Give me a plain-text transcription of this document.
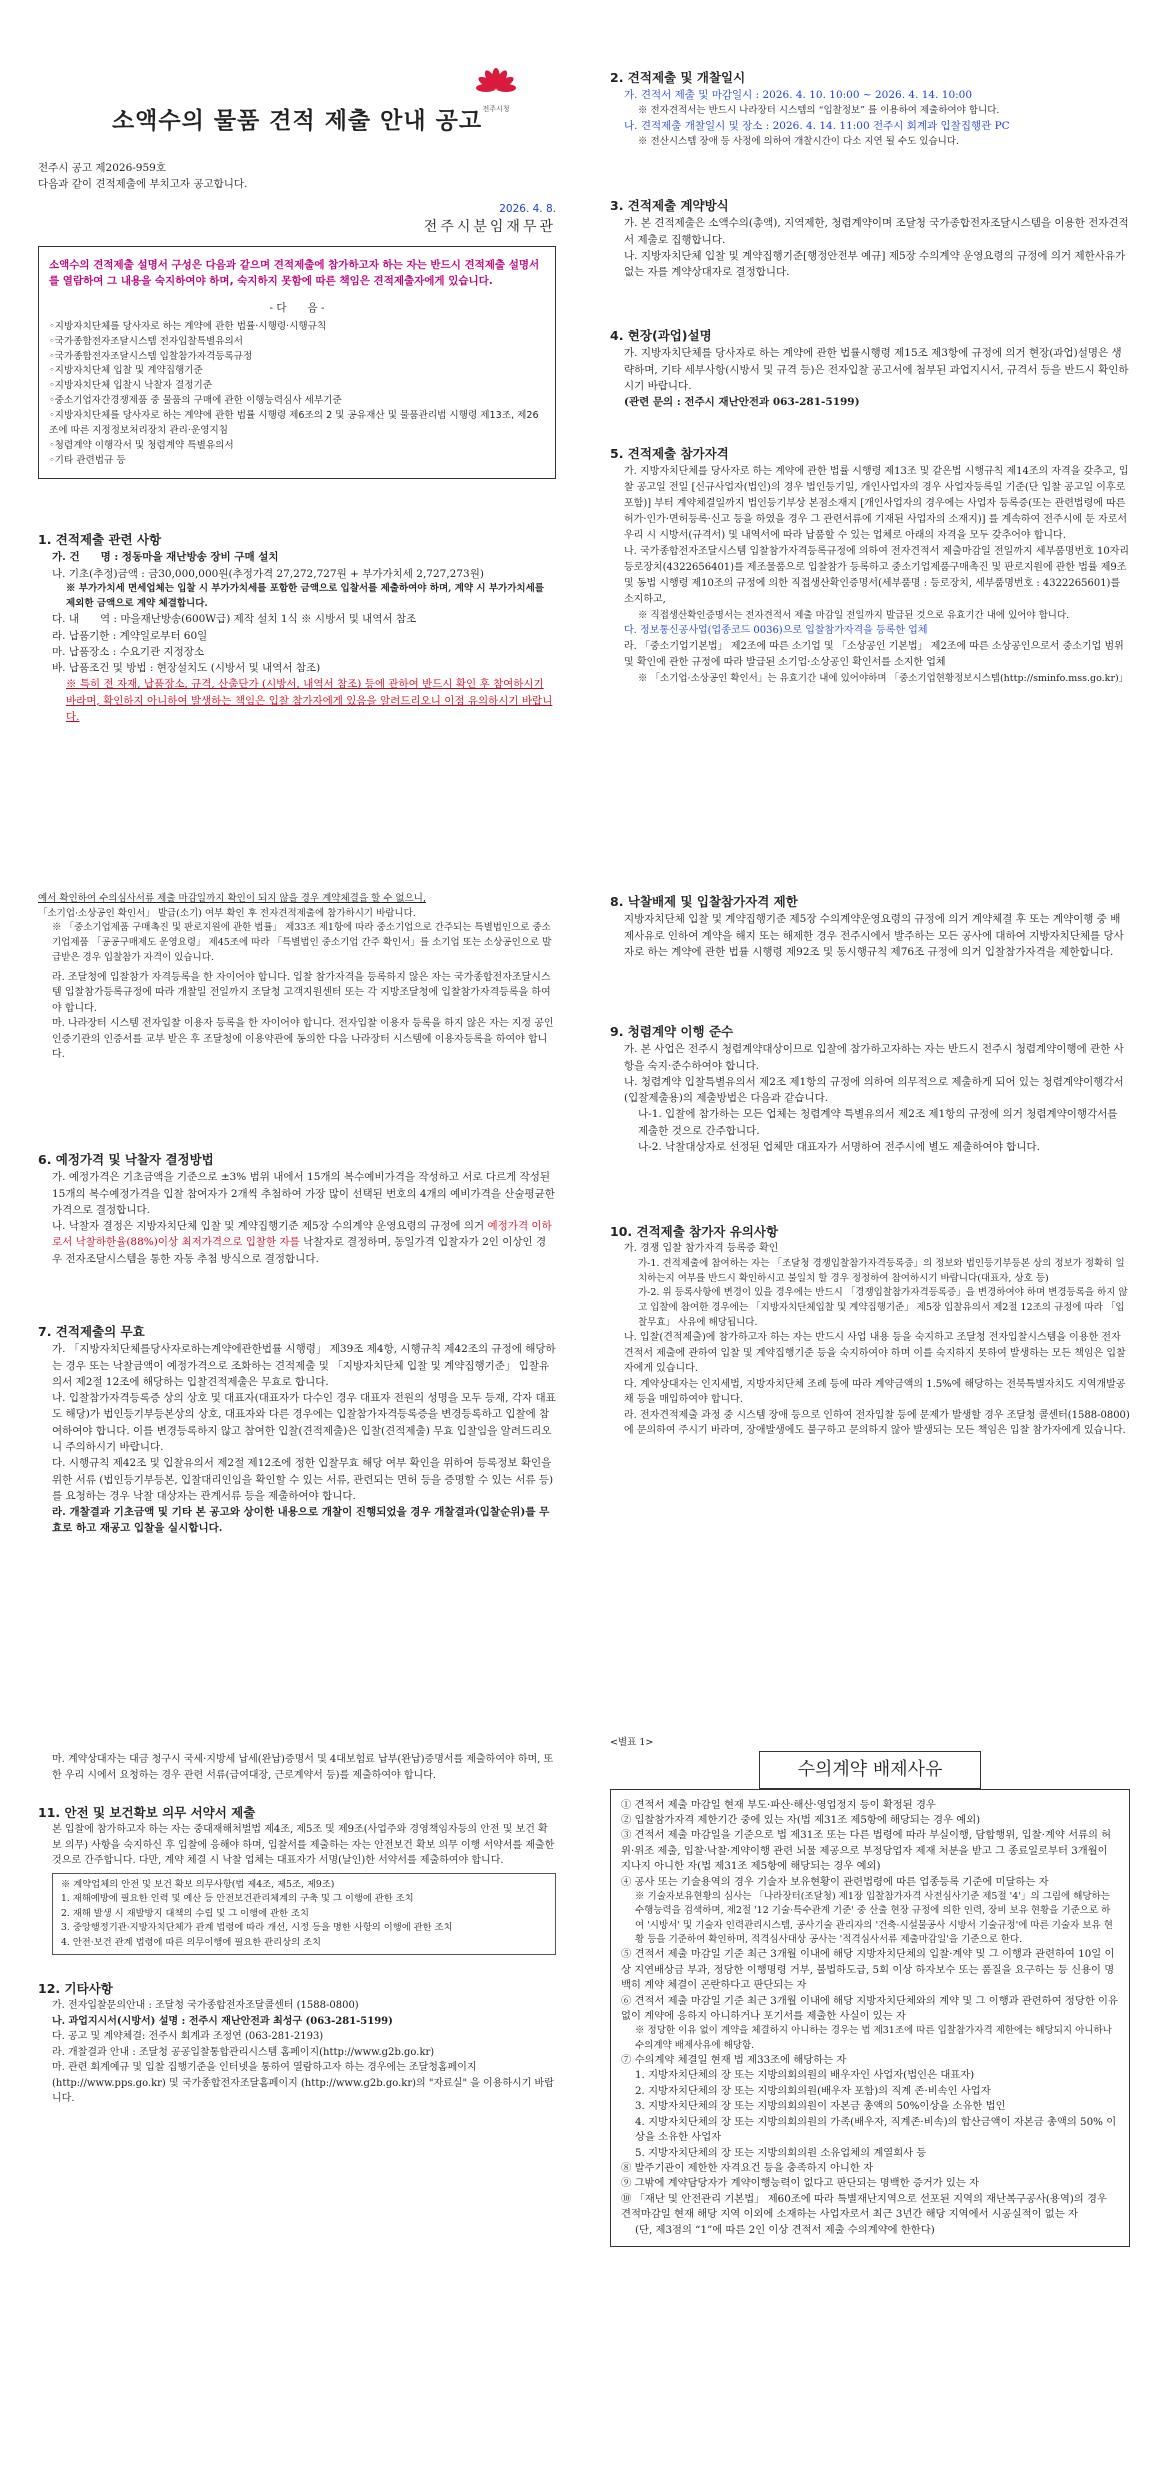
소액수의 물품 견적 제출 안내 공고 전주시청

전주시 공고 제2026-959호

다음과 같이 견적제출에 부치고자 공고합니다.

2026. 4. 8.

전주시분임재무관

소액수의 견적제출 설명서 구성은 다음과 같으며 견적제출에 참가하고자 하는 자는 반드시 견적제출 설명서를 열람하여 그 내용을 숙지하여야 하며, 숙지하지 못함에 따른 책임은 견적제출자에게 있습니다.

- 다　　음 -

◦지방자치단체를 당사자로 하는 계약에 관한 법률·시행령·시행규칙
◦국가종합전자조달시스템 전자입찰특별유의서
◦국가종합전자조달시스템 입찰참가자격등록규정
◦지방자치단체 입찰 및 계약집행기준
◦지방자치단체 입찰시 낙찰자 결정기준
◦중소기업자간경쟁제품 중 물품의 구매에 관한 이행능력심사 세부기준
◦지방자치단체를 당사자로 하는 계약에 관한 법률 시행령 제6조의 2 및 공유재산 및 물품관리법 시행령 제13조, 제26조에 따른 지정정보처리장치 관리·운영지침
◦청렴계약 이행각서 및 청렴계약 특별유의서
◦기타 관련법규 등

1. 견적제출 관련 사항

가. 건　　명 : 정동마을 재난방송 장비 구매 설치

나. 기초(추정)금액 : 금30,000,000원(추정가격 27,272,727원 + 부가가치세 2,727,273원)

※ 부가가치세 면세업체는 입찰 시 부가가치세를 포함한 금액으로 입찰서를 제출하여야 하며, 계약 시 부가가치세를 제외한 금액으로 계약 체결합니다.

다. 내　　역 : 마을재난방송(600W급) 제작 설치 1식 ※ 시방서 및 내역서 참조

라. 납품기한 : 계약일로부터 60일

마. 납품장소 : 수요기관 지정장소

바. 납품조건 및 방법 : 현장설치도 (시방서 및 내역서 참조)

※ 특히 전 자재, 납품장소, 규격, 산출단가 (시방서, 내역서 참조) 등에 관하여 반드시 확인 후 참여하시기 바라며, 확인하지 아니하여 발생하는 책임은 입찰 참가자에게 있음을 알려드리오니 이점 유의하시기 바랍니다.

2. 견적제출 및 개찰일시

가. 견적서 제출 및 마감일시 : 2026. 4. 10. 10:00 ~ 2026. 4. 14. 10:00

※ 전자견적서는 반드시 나라장터 시스템의 “입찰정보” 를 이용하여 제출하여야 합니다.

나. 견적제출 개찰일시 및 장소 : 2026. 4. 14. 11:00 전주시 회계과 입찰집행관 PC

※ 전산시스템 장애 등 사정에 의하여 개찰시간이 다소 지연 될 수도 있습니다.

3. 견적제출 계약방식

가. 본 견적제출은 소액수의(총액), 지역제한, 청렴계약이며 조달청 국가종합전자조달시스템을 이용한 전자견적서 제출로 집행합니다.

나. 지방자치단체 입찰 및 계약집행기준[행정안전부 예규] 제5장 수의계약 운영요령의 규정에 의거 제한사유가 없는 자를 계약상대자로 결정합니다.

4. 현장(과업)설명

가. 지방자치단체를 당사자로 하는 계약에 관한 법률시행령 제15조 제3항에 규정에 의거 현장(과업)설명은 생략하며, 기타 세부사항(시방서 및 규격 등)은 전자입찰 공고서에 첨부된 과업지시서, 규격서 등을 반드시 확인하시기 바랍니다.

(관련 문의 : 전주시 재난안전과 063-281-5199)

5. 견적제출 참가자격

가. 지방자치단체를 당사자로 하는 계약에 관한 법률 시행령 제13조 및 같은법 시행규칙 제14조의 자격을 갖추고, 입찰 공고일 전일 [신규사업자(법인)의 경우 법인등기일, 개인사업자의 경우 사업자등록일 기준(단 입찰 공고일 이후로 포함)] 부터 계약체결일까지 법인등기부상 본점소재지 [개인사업자의 경우에는 사업자 등록증(또는 관련법령에 따른 허가·인가·면허등록·신고 등을 하였을 경우 그 관련서류에 기재된 사업자의 소재지)] 를 계속하여 전주시에 둔 자로서 우리 시 시방서(규격서) 및 내역서에 따라 납품할 수 있는 업체로 아래의 자격을 모두 갖추어야 합니다.

나. 국가종합전자조달시스템 입찰참가자격등록규정에 의하여 전자견적서 제출마감일 전일까지 세부품명번호 10자리 등로장치(4322656401)를 제조물품으로 입찰참가 등록하고 중소기업제품구매촉진 및 판로지원에 관한 법률 제9조 및 동법 시행령 제10조의 규정에 의한 직접생산확인증명서(세부품명 : 등로장치, 세부품명번호 : 4322265601)를 소지하고,

※ 직접생산확인증명서는 전자견적서 제출 마감일 전일까지 발급된 것으로 유효기간 내에 있어야 합니다.

다. 정보통신공사업(업종코드 0036)으로 입찰참가자격을 등록한 업체

라. 「중소기업기본법」 제2조에 따른 소기업 및 「소상공인 기본법」 제2조에 따른 소상공인으로서 중소기업 범위 및 확인에 관한 규정에 따라 발급된 소기업·소상공인 확인서를 소지한 업체

※ 「소기업·소상공인 확인서」는 유효기간 내에 있어야하며 「중소기업현황정보시스템(http://sminfo.mss.go.kr)」

예서 확인하여 수의심사서류 제출 마감일까지 확인이 되지 않을 경우 계약체결을 할 수 없으니,

「소기업·소상공인 확인서」 발급(소기) 여부 확인 후 전자견적제출에 참가하시기 바랍니다.

※ 「중소기업제품 구매촉진 및 판로지원에 관한 법률」 제33조 제1항에 따라 중소기업으로 간주되는 특별법인으로 중소기업제품 「공공구매제도 운영요령」 제45조에 따라 「특별법인 중소기업 간주 확인서」를 소기업 또는 소상공인으로 발급받은 경우 입찰참가 자격이 있습니다.

라. 조달청에 입찰참가 자격등록을 한 자이어야 합니다. 입찰 참가자격을 등록하지 않은 자는 국가종합전자조달시스템 입찰참가등록규정에 따라 개찰일 전일까지 조달청 고객지원센터 또는 각 지방조달청에 입찰참가자격등록을 하여야 합니다.

마. 나라장터 시스템 전자입찰 이용자 등록을 한 자이어야 합니다. 전자입찰 이용자 등록을 하지 않은 자는 지정 공인인증기관의 인증서를 교부 받은 후 조달청에 이용약관에 동의한 다음 나라장터 시스템에 이용자등록을 하여야 합니다.

6. 예정가격 및 낙찰자 결정방법

가. 예정가격은 기초금액을 기준으로 ±3% 범위 내에서 15개의 복수예비가격을 작성하고 서로 다르게 작성된 15개의 복수예정가격을 입찰 참여자가 2개씩 추첨하여 가장 많이 선택된 번호의 4개의 예비가격을 산술평균한 가격으로 결정합니다.

나. 낙찰자 결정은 지방자치단체 입찰 및 계약집행기준 제5장 수의계약 운영요령의 규정에 의거 예정가격 이하로서 낙찰하한율(88%)이상 최저가격으로 입찰한 자를 낙찰자로 결정하며, 동일가격 입찰자가 2인 이상인 경우 전자조달시스템을 통한 자동 추첨 방식으로 결정합니다.

7. 견적제출의 무효

가. 「지방자치단체를당사자로하는계약에관한법률 시행령」 제39조 제4항, 시행규칙 제42조의 규정에 해당하는 경우 또는 낙찰금액이 예정가격으로 조화하는 견적제출 및 「지방자치단체 입찰 및 계약집행기준」 입찰유의서 제2절 12조에 해당하는 입찰견적제출은 무효로 합니다.

나. 입찰참가자격등록증 상의 상호 및 대표자(대표자가 다수인 경우 대표자 전원의 성명을 모두 등재, 각자 대표도 해당)가 법인등기부등본상의 상호, 대표자와 다른 경우에는 입찰참가자격등록증을 변경등록하고 입찰에 참여하여야 합니다. 이를 변경등록하지 않고 참여한 입찰(견적제출)은 입찰(견적제출) 무효 입찰임을 알려드리오니 주의하시기 바랍니다.

다. 시행규칙 제42조 및 입찰유의서 제2절 제12조에 정한 입찰무효 해당 여부 확인을 위하여 등록정보 확인을 위한 서류 (법인등기부등본, 입찰대리인임을 확인할 수 있는 서류, 관련되는 면허 등을 증명할 수 있는 서류 등)를 요청하는 경우 낙찰 대상자는 관계서류 등을 제출하여야 합니다.

라. 개찰결과 기초금액 및 기타 본 공고와 상이한 내용으로 개찰이 진행되었을 경우 개찰결과(입찰순위)를 무효로 하고 재공고 입찰을 실시합니다.

8. 낙찰배제 및 입찰참가자격 제한

지방자치단체 입찰 및 계약집행기준 제5장 수의계약운영요령의 규정에 의거 계약체결 후 또는 계약이행 중 배제사유로 인하여 계약을 해지 또는 해제한 경우 전주시에서 발주하는 모든 공사에 대하여 지방자치단체를 당사자로 하는 계약에 관한 법률 시행령 제92조 및 동시행규칙 제76조 규정에 의거 입찰참가자격을 제한합니다.

9. 청렴계약 이행 준수

가. 본 사업은 전주시 청렴계약대상이므로 입찰에 참가하고자하는 자는 반드시 전주시 청렴계약이행에 관한 사항을 숙지·준수하여야 합니다.

나. 청렴계약 입찰특별유의서 제2조 제1항의 규정에 의하여 의무적으로 제출하게 되어 있는 청렴계약이행각서(입찰제출용)의 제출방법은 다음과 같습니다.

나-1. 입찰에 참가하는 모든 업체는 청렴계약 특별유의서 제2조 제1항의 규정에 의거 청렴계약이행각서를 제출한 것으로 간주합니다.

나-2. 낙찰대상자로 선정된 업체만 대표자가 서명하여 전주시에 별도 제출하여야 합니다.

10. 견적제출 참가자 유의사항

가. 경쟁 입찰 참가자격 등록증 확인

가-1. 견적제출에 참여하는 자는 「조달청 경쟁입찰참가자격등록증」의 정보와 법인등기부등본 상의 정보가 정확히 일치하는지 여부를 반드시 확인하시고 불일치 할 경우 정정하여 참여하시기 바랍니다(대표자, 상호 등)

가-2. 위 등록사항에 변경이 있을 경우에는 반드시 「경쟁입찰참가자격등록증」을 변경하여야 하며 변경등록을 하지 않고 입찰에 참여한 경우에는 「지방자치단체입찰 및 계약집행기준」 제5장 입찰유의서 제2절 12조의 규정에 따라 「입찰무효」 사유에 해당됩니다.

나. 입찰(견적제출)에 참가하고자 하는 자는 반드시 사업 내용 등을 숙지하고 조달청 전자입찰시스템을 이용한 전자견적서 제출에 관하여 입찰 및 계약집행기준 등을 숙지하여야 하며 이를 숙지하지 못하여 발생하는 모든 책임은 입찰자에게 있습니다.

다. 계약상대자는 인지세법, 지방자치단체 조례 등에 따라 계약금액의 1.5%에 해당하는 전북특별자치도 지역개발공채 등을 매입하여야 합니다.

라. 전자견적제출 과정 중 시스템 장애 등으로 인하여 전자입찰 등에 문제가 발생할 경우 조달청 콜센터(1588-0800)에 문의하여 주시기 바라며, 장애발생에도 불구하고 문의하지 않아 발생되는 모든 책임은 입찰 참가자에게 있습니다.

마. 계약상대자는 대금 청구시 국세·지방세 납세(완납)증명서 및 4대보험료 납부(완납)증명서를 제출하여야 하며, 또한 우리 시에서 요청하는 경우 관련 서류(급여대장, 근로계약서 등)를 제출하여야 합니다.

11. 안전 및 보건확보 의무 서약서 제출

본 입찰에 참가하고자 하는 자는 중대재해처벌법 제4조, 제5조 및 제9조(사업주와 경영책임자등의 안전 및 보건 확보 의무) 사항을 숙지하신 후 입찰에 응해야 하며, 입찰서를 제출하는 자는 안전보건 확보 의무 이행 서약서를 제출한 것으로 간주합니다. 다만, 계약 체결 시 낙찰 업체는 대표자가 서명(날인)한 서약서를 제출하여야 합니다.

※ 계약업체의 안전 및 보건 확보 의무사항(법 제4조, 제5조, 제9조)

1. 재해예방에 필요한 인력 및 예산 등 안전보건관리체계의 구축 및 그 이행에 관한 조치

2. 재해 발생 시 재발방지 대책의 수립 및 그 이행에 관한 조치

3. 중앙행정기관·지방자치단체가 관계 법령에 따라 개선, 시정 등을 명한 사항의 이행에 관한 조치

4. 안전·보건 관계 법령에 따른 의무이행에 필요한 관리상의 조치

12. 기타사항

가. 전자입찰문의안내 : 조달청 국가종합전자조달콜센터 (1588-0800)

나. 과업지시서(시방서) 설명 : 전주시 재난안전과 최성구 (063-281-5199)

다. 공고 및 계약체결: 전주시 회계과 조정연 (063-281-2193)

라. 개찰결과 안내 : 조달청 공공입찰통합관리시스템 홈페이지(http://www.g2b.go.kr)

마. 관련 회계예규 및 입찰 집행기준을 인터넷을 통하여 열람하고자 하는 경우에는 조달청홈페이지(http://www.pps.go.kr) 및 국가종합전자조달홈페이지 (http://www.g2b.go.kr)의 "자료실" 을 이용하시기 바랍니다.

<별표 1>

수의계약 배제사유

① 견적서 제출 마감일 현재 부도·파산·해산·영업정지 등이 확정된 경우

② 입찰참가자격 제한기간 중에 있는 자(법 제31조 제5항에 해당되는 경우 예외)

③ 견적서 제출 마감일을 기준으로 법 제31조 또는 다른 법령에 따라 부실이행, 담합행위, 입찰·계약 서류의 허위·위조 제출, 입찰·낙찰·계약이행 관련 뇌물 제공으로 부정당업자 제재 처분을 받고 그 종료일로부터 3개월이 지나지 아니한 자(법 제31조 제5항에 해당되는 경우 예외)

④ 공사 또는 기술용역의 경우 기술자 보유현황이 관련법령에 따른 업종등록 기준에 미달하는 자

※ 기술자보유현황의 심사는 「나라장터(조달청) 제1장 입찰참가자격 사전심사기준 제5절 '4'」의 그림에 해당하는 수행능력을 검색하며, 제2절 '12 기술·특수관계 기준' 중 산출 현장 규정에 의한 인력, 장비 보유 현황을 기준으로 하여 '시방서' 및 기술자 인력관리시스템, 공사기술 관리자의 '건축·시설물공사 시방서 기술규정'에 따른 기술자 보유 현황 등을 기준하여 확인하며, 적격심사대상 공사는 '적격심사서류 제출마감일'을 기준으로 한다.

⑤ 견적서 제출 마감일 기준 최근 3개월 이내에 해당 지방자치단체의 입찰·계약 및 그 이행과 관련하여 10일 이상 지연배상금 부과, 정당한 이행명령 거부, 불법하도급, 5회 이상 하자보수 또는 품질을 요구하는 등 신용이 명백히 계약 체결이 곤란하다고 판단되는 자

⑥ 견적서 제출 마감일 기준 최근 3개월 이내에 해당 지방자치단체와의 계약 및 그 이행과 관련하여 정당한 이유 없이 계약에 응하지 아니하거나 포기서를 제출한 사실이 있는 자

※ 정당한 이유 없이 계약을 체결하지 아니하는 경우는 법 제31조에 따른 입찰참가자격 제한에는 해당되지 아니하나 수의계약 배제사유에 해당함.

⑦ 수의계약 체결일 현재 법 제33조에 해당하는 자

1. 지방자치단체의 장 또는 지방의회의원의 배우자인 사업자(법인은 대표자)

2. 지방자치단체의 장 또는 지방의회의원(배우자 포함)의 직계 존·비속인 사업자

3. 지방자치단체의 장 또는 지방의회의원이 자본금 총액의 50%이상을 소유한 법인

4. 지방자치단체의 장 또는 지방의회의원의 가족(배우자, 직계존·비속)의 합산금액이 자본금 총액의 50% 이상을 소유한 사업자

5. 지방자치단체의 장 또는 지방의회의원 소유업체의 계열회사 등

⑧ 발주기관이 제한한 자격요건 등을 충족하지 아니한 자

⑨ 그밖에 계약담당자가 계약이행능력이 없다고 판단되는 명백한 증거가 있는 자

⑩ 「재난 및 안전관리 기본법」 제60조에 따라 특별재난지역으로 선포된 지역의 재난복구공사(용역)의 경우 견적마감일 현재 해당 지역 이외에 소재하는 사업자로서 최근 3년간 해당 지역에서 시공실적이 없는 자

(단, 제3점의 “1”에 따른 2인 이상 견적서 제출 수의계약에 한한다)
